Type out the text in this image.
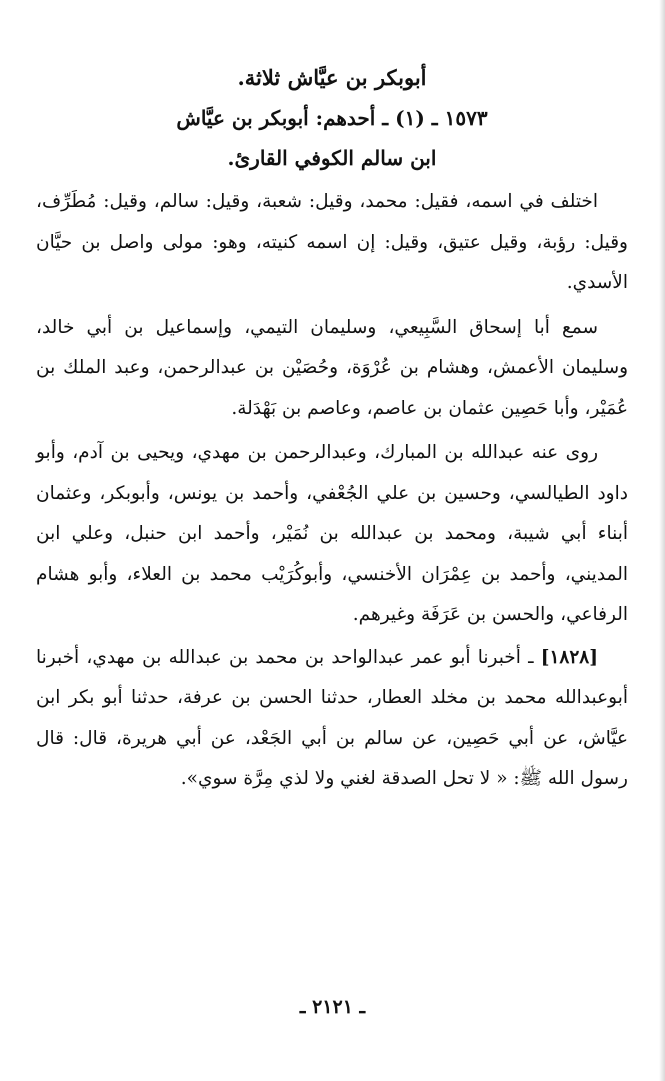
أبوبكر بن عيَّاش ثلاثة.
١٥٧٣ ـ (١) ـ أحدهم: أبوبكر بن عيَّاش
ابن سالم الكوفي القارئ.

اختلف في اسمه، فقيل: محمد، وقيل: شعبة، وقيل: سالم، وقيل: مُطَرِّف، وقيل: رؤبة، وقيل عتيق، وقيل: إن اسمه كنيته، وهو: مولى واصل بن حيَّان الأسدي.

سمع أبا إسحاق السَّبِيعي، وسليمان التيمي، وإسماعيل بن أبي خالد، وسليمان الأعمش، وهشام بن عُرْوَة، وحُصَيْن بن عبدالرحمن، وعبد الملك بن عُمَيْر، وأبا حَصِين عثمان بن عاصم، وعاصم بن بَهْدَلة.

روى عنه عبدالله بن المبارك، وعبدالرحمن بن مهدي، ويحيى بن آدم، وأبو داود الطيالسي، وحسين بن علي الجُعْفي، وأحمد بن يونس، وأبوبكر، وعثمان أبناء أبي شيبة، ومحمد بن عبدالله بن نُمَيْر، وأحمد ابن حنبل، وعلي ابن المديني، وأحمد بن عِمْرَان الأخنسي، وأبوكُرَيْب محمد بن العلاء، وأبو هشام الرفاعي، والحسن بن عَرَفَة وغيرهم.

[١٨٢٨] ـ أخبرنا أبو عمر عبدالواحد بن محمد بن عبدالله بن مهدي، أخبرنا أبوعبدالله محمد بن مخلد العطار، حدثنا الحسن بن عرفة، حدثنا أبو بكر ابن عيَّاش، عن أبي حَصِين، عن سالم بن أبي الجَعْد، عن أبي هريرة، قال: قال رسول الله ﷺ: « لا تحل الصدقة لغني ولا لذي مِرَّة سوي».

ـ ٢١٢١ ـ
